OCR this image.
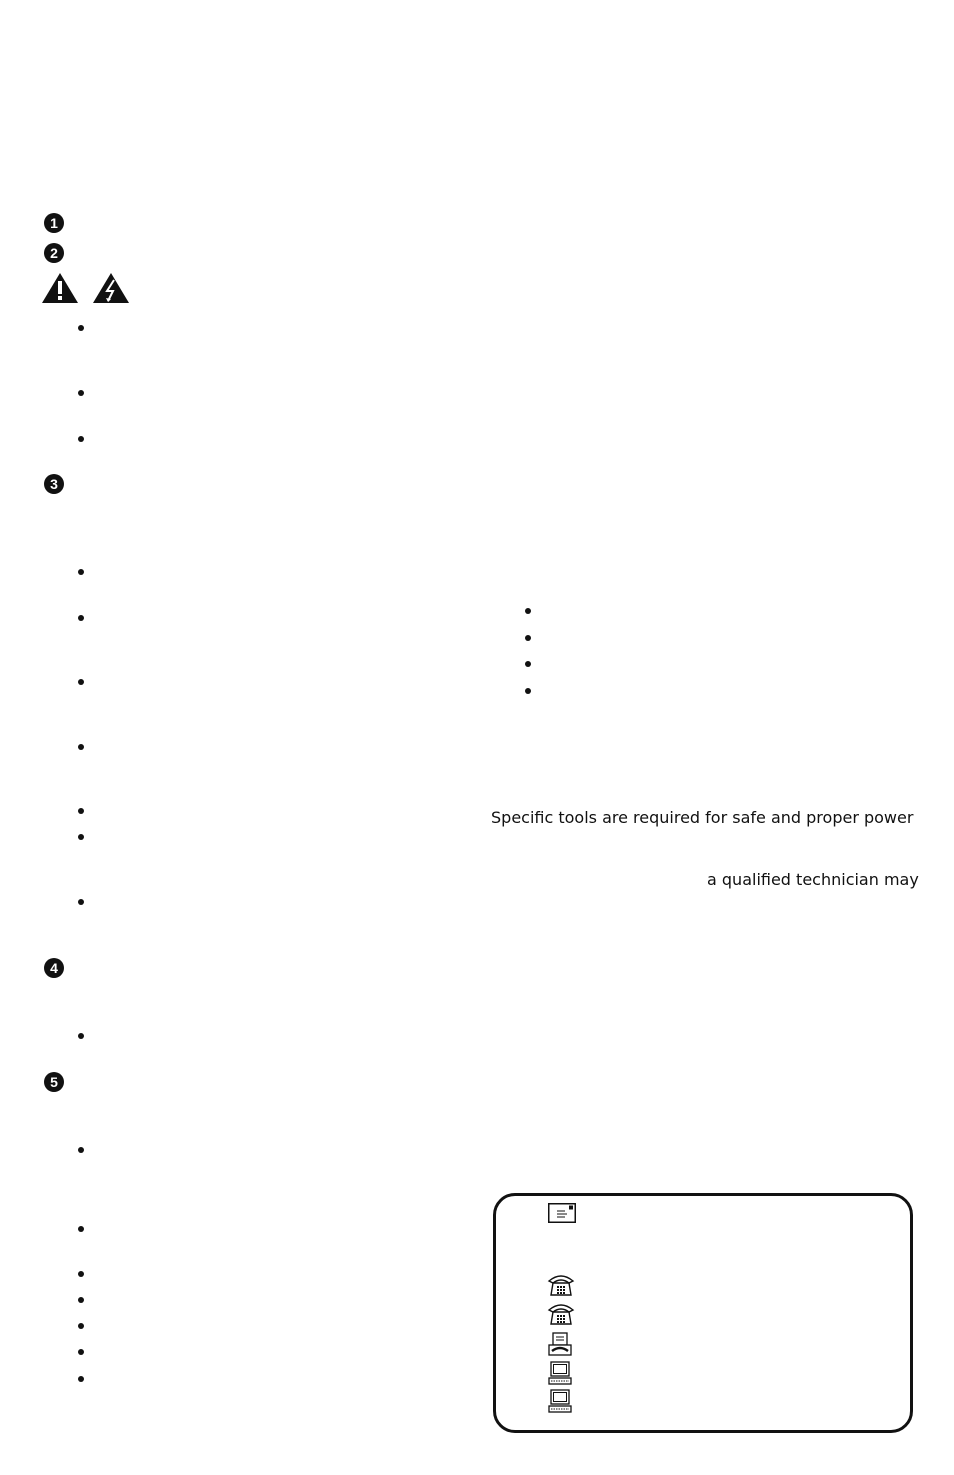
1
2
3
Specific tools are required for safe and proper power
a qualified technician may
4
5
